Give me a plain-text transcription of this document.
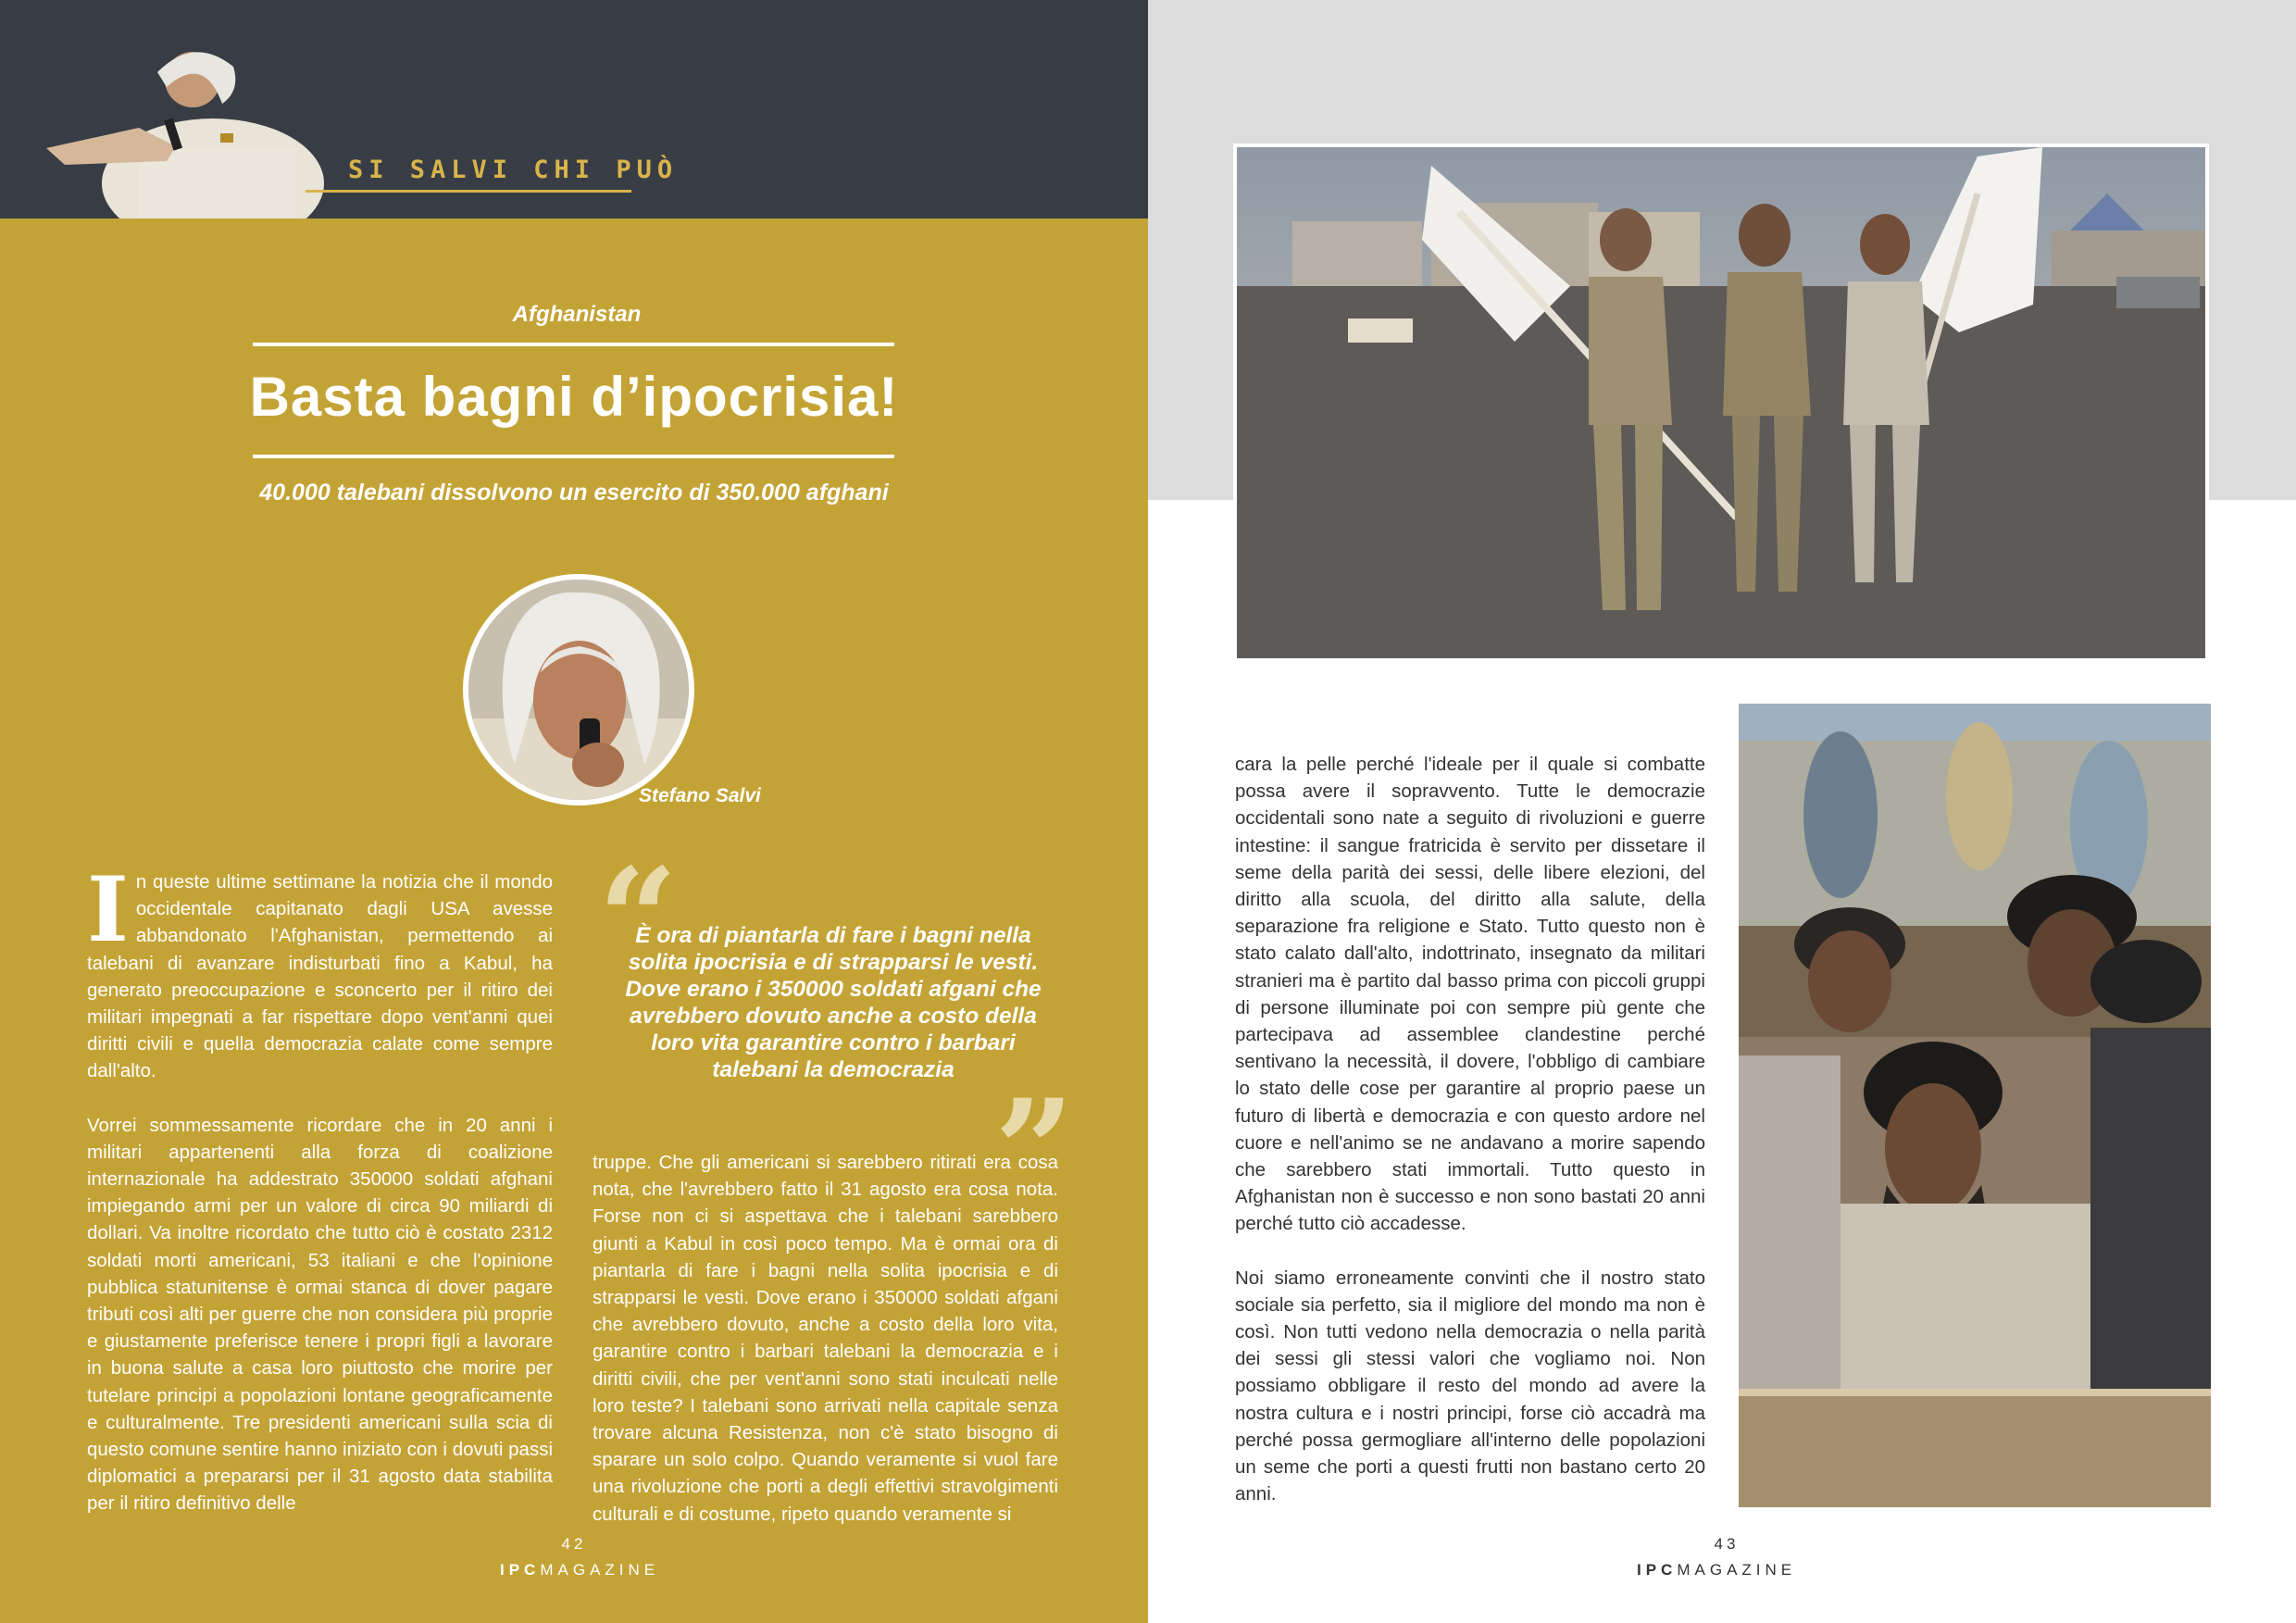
SI SALVI CHI PUÒ
Afghanistan
Basta bagni d’ipocrisia!
40.000 talebani dissolvono un esercito di 350.000 afghani
Stefano Salvi

In queste ultime settimane la notizia che il mondo occidentale capitanato dagli USA avesse abbandonato l'Afghanistan, permettendo ai talebani di avanzare indisturbati fino a Kabul, ha generato preoccupazione e sconcerto per il ritiro dei militari impegnati a far rispettare dopo vent'anni quei diritti civili e quella democrazia calate come sempre dall'alto.

Vorrei sommessamente ricordare che in 20 anni i militari appartenenti alla forza di coalizione internazionale ha addestrato 350000 soldati afghani impiegando armi per un valore di circa 90 miliardi di dollari. Va inoltre ricordato che tutto ciò è costato 2312 soldati morti americani, 53 italiani e che l'opinione pubblica statunitense è ormai stanca di dover pagare tributi così alti per guerre che non considera più proprie e giustamente preferisce tenere i propri figli a lavorare in buona salute a casa loro piuttosto che morire per tutelare principi a popolazioni lontane geograficamente e culturalmente. Tre presidenti americani sulla scia di questo comune sentire hanno iniziato con i dovuti passi diplomatici a prepararsi per il 31 agosto data stabilita per il ritiro definitivo delle

“
È ora di piantarla di fare i bagni nella solita ipocrisia e di strapparsi le vesti. Dove erano i 350000 soldati afgani che avrebbero dovuto anche a costo della loro vita garantire contro i barbari talebani la democrazia ”

truppe. Che gli americani si sarebbero ritirati era cosa nota, che l'avrebbero fatto il 31 agosto era cosa nota. Forse non ci si aspettava che i talebani sarebbero giunti a Kabul in così poco tempo. Ma è ormai ora di piantarla di fare i bagni nella solita ipocrisia e di strapparsi le vesti. Dove erano i 350000 soldati afgani che avrebbero dovuto, anche a costo della loro vita, garantire contro i barbari talebani la democrazia e i diritti civili, che per vent'anni sono stati inculcati nelle loro teste? I talebani sono arrivati nella capitale senza trovare alcuna Resistenza, non c'è stato bisogno di sparare un solo colpo. Quando veramente si vuol fare una rivoluzione che porti a degli effettivi stravolgimenti culturali e di costume, ripeto quando veramente si

42
IPCMAGAZINE

cara la pelle perché l'ideale per il quale si combatte possa avere il sopravvento. Tutte le democrazie occidentali sono nate a seguito di rivoluzioni e guerre intestine: il sangue fratricida è servito per dissetare il seme della parità dei sessi, delle libere elezioni, del diritto alla scuola, del diritto alla salute, della separazione fra religione e Stato. Tutto questo non è stato calato dall'alto, indottrinato, insegnato da militari stranieri ma è partito dal basso prima con piccoli gruppi di persone illuminate poi con sempre più gente che partecipava ad assemblee clandestine perché sentivano la necessità, il dovere, l'obbligo di cambiare lo stato delle cose per garantire al proprio paese un futuro di libertà e democrazia e con questo ardore nel cuore e nell'animo se ne andavano a morire sapendo che sarebbero stati immortali. Tutto questo in Afghanistan non è successo e non sono bastati 20 anni perché tutto ciò accadesse.

Noi siamo erroneamente convinti che il nostro stato sociale sia perfetto, sia il migliore del mondo ma non è così. Non tutti vedono nella democrazia o nella parità dei sessi gli stessi valori che vogliamo noi. Non possiamo obbligare il resto del mondo ad avere la nostra cultura e i nostri principi, forse ciò accadrà ma perché possa germogliare all'interno delle popolazioni un seme che porti a questi frutti non bastano certo 20 anni.

43
IPCMAGAZINE
